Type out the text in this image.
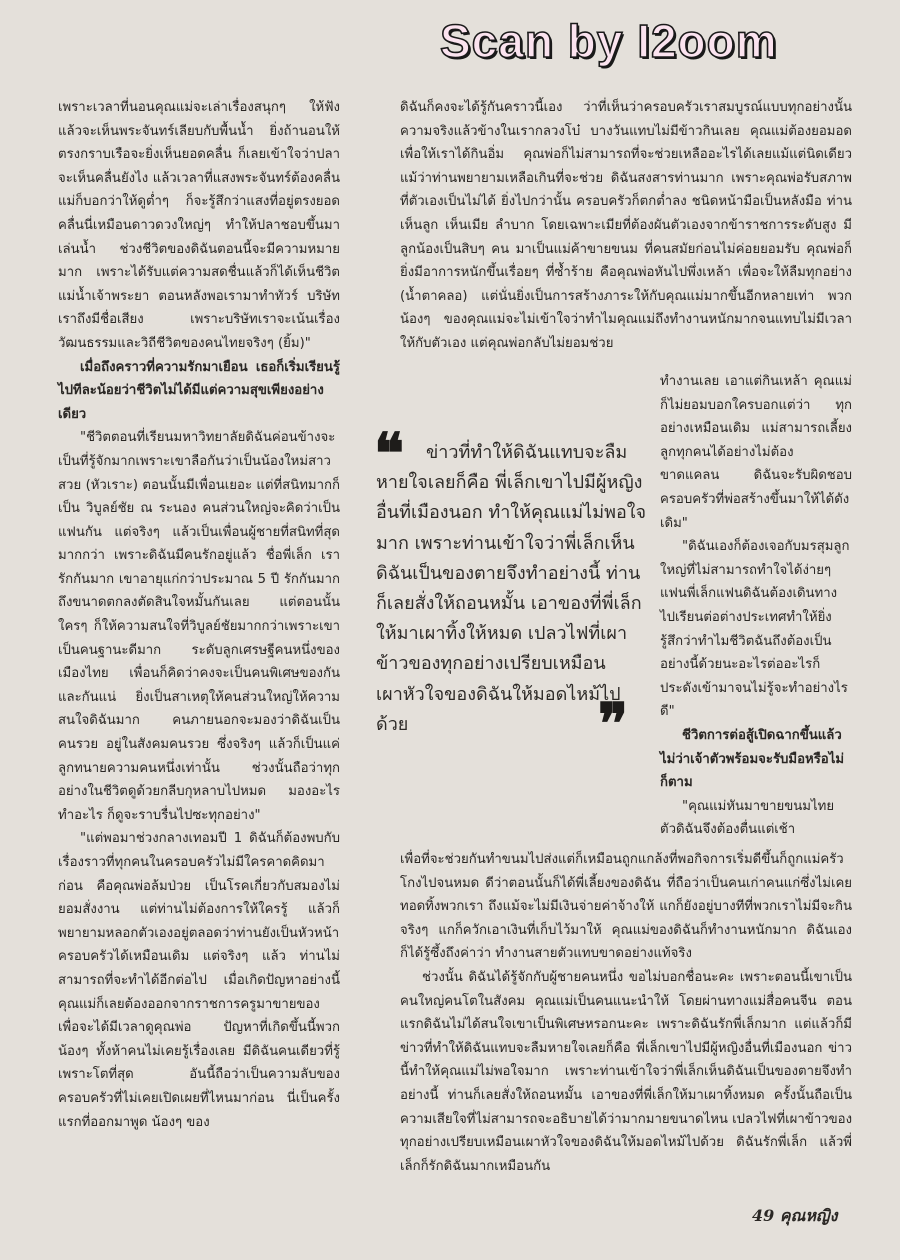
Scan by I2oom

เพราะเวลาที่นอนคุณแม่จะเล่าเรื่องสนุกๆ ให้ฟัง แล้วจะเห็นพระจันทร์เลียบกับพื้นน้ำ ยิ่งถ้านอนให้ตรงกราบเรือจะยิ่งเห็นยอดคลื่น ก็เลยเข้าใจว่าปลาจะเห็นคลื่นยังไง แล้วเวลาที่แสงพระจันทร์ต้องคลื่น แม่ก็บอกว่าให้ดูต่ำๆ ก็จะรู้สึกว่าแสงที่อยู่ตรงยอดคลื่นนี่เหมือนดาวดวงใหญ่ๆ ทำให้ปลาชอบขึ้นมาเล่นน้ำ ช่วงชีวิตของดิฉันตอนนี้จะมีความหมายมาก เพราะได้รับแต่ความสดชื่นแล้วก็ได้เห็นชีวิตแม่น้ำเจ้าพระยา ตอนหลังพอเรามาทำทัวร์ บริษัทเราถึงมีชื่อเสียง เพราะบริษัทเราจะเน้นเรื่องวัฒนธรรมและวิถีชีวิตของคนไทยจริงๆ (ยิ้ม)"

เมื่อถึงคราวที่ความรักมาเยือน เธอก็เริ่มเรียนรู้ไปทีละน้อยว่าชีวิตไม่ได้มีแต่ความสุขเพียงอย่างเดียว

"ชีวิตตอนที่เรียนมหาวิทยาลัยดิฉันค่อนข้างจะเป็นที่รู้จักมากเพราะเขาลือกันว่าเป็นน้องใหม่สาวสวย (หัวเราะ) ตอนนั้นมีเพื่อนเยอะ แต่ที่สนิทมากก็เป็น วิบูลย์ชัย ณ ระนอง คนส่วนใหญ่จะคิดว่าเป็นแฟนกัน แต่จริงๆ แล้วเป็นเพื่อนผู้ชายที่สนิทที่สุดมากกว่า เพราะดิฉันมีคนรักอยู่แล้ว ชื่อพี่เล็ก เรารักกันมาก เขาอายุแก่กว่าประมาณ 5 ปี รักกันมากถึงขนาดตกลงตัดสินใจหมั้นกันเลย แต่ตอนนั้นใครๆ ก็ให้ความสนใจที่วิบูลย์ชัยมากกว่าเพราะเขาเป็นคนฐานะดีมาก ระดับลูกเศรษฐีคนหนึ่งของเมืองไทย เพื่อนก็คิดว่าคงจะเป็นคนพิเศษของกันและกันแน่ ยิ่งเป็นสาเหตุให้คนส่วนใหญ่ให้ความสนใจดิฉันมาก คนภายนอกจะมองว่าดิฉันเป็นคนรวย อยู่ในสังคมคนรวย ซึ่งจริงๆ แล้วก็เป็นแค่ลูกทนายความคนหนึ่งเท่านั้น ช่วงนั้นถือว่าทุกอย่างในชีวิตดูด้วยกลีบกุหลาบไปหมด มองอะไร ทำอะไร ก็ดูจะราบรื่นไปซะทุกอย่าง"

"แต่พอมาช่วงกลางเทอมปี 1 ดิฉันก็ต้องพบกับเรื่องราวที่ทุกคนในครอบครัวไม่มีใครคาดคิดมาก่อน คือคุณพ่อล้มป่วย เป็นโรคเกี่ยวกับสมองไม่ยอมสั่งงาน แต่ท่านไม่ต้องการให้ใครรู้ แล้วก็พยายามหลอกตัวเองอยู่ตลอดว่าท่านยังเป็นหัวหน้าครอบครัวได้เหมือนเดิม แต่จริงๆ แล้ว ท่านไม่สามารถที่จะทำได้อีกต่อไป เมื่อเกิดปัญหาอย่างนี้ คุณแม่ก็เลยต้องออกจากราชการครูมาขายของ เพื่อจะได้มีเวลาดูคุณพ่อ ปัญหาที่เกิดขึ้นนี้พวกน้องๆ ทั้งห้าคนไม่เคยรู้เรื่องเลย มีดิฉันคนเดียวที่รู้เพราะโตที่สุด อันนี้ถือว่าเป็นความลับของครอบครัวที่ไม่เคยเปิดเผยที่ไหนมาก่อน นี่เป็นครั้งแรกที่ออกมาพูด น้องๆ ของ

ดิฉันก็คงจะได้รู้กันคราวนี้เอง ว่าที่เห็นว่าครอบครัวเราสมบูรณ์แบบทุกอย่างนั้น ความจริงแล้วข้างในเรากลวงโบ๋ บางวันแทบไม่มีข้าวกินเลย คุณแม่ต้องยอมอดเพื่อให้เราได้กินอิ่ม คุณพ่อก็ไม่สามารถที่จะช่วยเหลืออะไรได้เลยแม้แต่นิดเดียว แม้ว่าท่านพยายามเหลือเกินที่จะช่วย ดิฉันสงสารท่านมาก เพราะคุณพ่อรับสภาพที่ตัวเองเป็นไม่ได้ ยิ่งไปกว่านั้น ครอบครัวก็ตกต่ำลง ชนิดหน้ามือเป็นหลังมือ ท่านเห็นลูก เห็นเมีย ลำบาก โดยเฉพาะเมียที่ต้องผันตัวเองจากข้าราชการระดับสูง มีลูกน้องเป็นสิบๆ คน มาเป็นแม่ค้าขายขนม ที่คนสมัยก่อนไม่ค่อยยอมรับ คุณพ่อก็ยิ่งมีอาการหนักขึ้นเรื่อยๆ ที่ซ้ำร้าย คือคุณพ่อหันไปพึ่งเหล้า เพื่อจะให้ลืมทุกอย่าง (น้ำตาคลอ) แต่นั่นยิ่งเป็นการสร้างภาระให้กับคุณแม่มากขึ้นอีกหลายเท่า พวกน้องๆ ของคุณแม่จะไม่เข้าใจว่าทำไมคุณแม่ถึงทำงานหนักมากจนแทบไม่มีเวลาให้กับตัวเอง แต่คุณพ่อกลับไม่ยอมช่วย

❝	ข่าวที่ทำให้ดิฉันแทบจะลืมหายใจเลยก็คือ พี่เล็กเขาไปมีผู้หญิงอื่นที่เมืองนอก ทำให้คุณแม่ไม่พอใจมาก เพราะท่านเข้าใจว่าพี่เล็กเห็นดิฉันเป็นของตายจึงทำอย่างนี้ ท่านก็เลยสั่งให้ถอนหมั้น เอาของที่พี่เล็กให้มาเผาทิ้งให้หมด เปลวไฟที่เผาข้าวของทุกอย่างเปรียบเหมือนเผาหัวใจของดิฉันให้มอดไหม้ไปด้วย	❞

ทำงานเลย เอาแต่กินเหล้า คุณแม่ก็ไม่ยอมบอกใครบอกแต่ว่า ทุกอย่างเหมือนเดิม แม่สามารถเลี้ยงลูกทุกคนได้อย่างไม่ต้องขาดแคลน ดิฉันจะรับผิดชอบครอบครัวที่พ่อสร้างขึ้นมาให้ได้ดังเดิม"

"ดิฉันเองก็ต้องเจอกับมรสุมลูกใหญ่ที่ไม่สามารถทำใจได้ง่ายๆ แฟนพี่เล็กแฟนดิฉันต้องเดินทางไปเรียนต่อต่างประเทศทำให้ยิ่งรู้สึกว่าทำไมชีวิตฉันถึงต้องเป็นอย่างนี้ด้วยนะอะไรต่ออะไรก็ประดังเข้ามาจนไม่รู้จะทำอย่างไรดี"

ชีวิตการต่อสู้เปิดฉากขึ้นแล้ว ไม่ว่าเจ้าตัวพร้อมจะรับมือหรือไม่ก็ตาม

"คุณแม่หันมาขายขนมไทย ตัวดิฉันจึงต้องตื่นแต่เช้า

เพื่อที่จะช่วยกันทำขนมไปส่งแต่ก็เหมือนถูกแกล้งที่พอกิจการเริ่มดีขึ้นก็ถูกแม่ครัวโกงไปจนหมด ดีว่าตอนนั้นก็ได้พี่เลี้ยงของดิฉัน ที่ถือว่าเป็นคนเก่าคนแก่ซึ่งไม่เคยทอดทิ้งพวกเรา ถึงแม้จะไม่มีเงินจ่ายค่าจ้างให้ แกก็ยังอยู่บางทีที่พวกเราไม่มีจะกินจริงๆ แกก็ควักเอาเงินที่เก็บไว้มาให้ คุณแม่ของดิฉันก็ทำงานหนักมาก ดิฉันเองก็ได้รู้ซึ้งถึงค่าว่า ทำงานสายตัวแทบขาดอย่างแท้จริง

ช่วงนั้น ดิฉันได้รู้จักกับผู้ชายคนหนึ่ง ขอไม่บอกชื่อนะคะ เพราะตอนนี้เขาเป็นคนใหญ่คนโตในสังคม คุณแม่เป็นคนแนะนำให้ โดยผ่านทางแม่สื่อคนจีน ตอนแรกดิฉันไม่ได้สนใจเขาเป็นพิเศษหรอกนะคะ เพราะดิฉันรักพี่เล็กมาก แต่แล้วก็มีข่าวที่ทำให้ดิฉันแทบจะลืมหายใจเลยก็คือ พี่เล็กเขาไปมีผู้หญิงอื่นที่เมืองนอก ข่าวนี้ทำให้คุณแม่ไม่พอใจมาก เพราะท่านเข้าใจว่าพี่เล็กเห็นดิฉันเป็นของตายจึงทำอย่างนี้ ท่านก็เลยสั่งให้ถอนหมั้น เอาของที่พี่เล็กให้มาเผาทิ้งหมด ครั้งนั้นถือเป็นความเสียใจที่ไม่สามารถจะอธิบายได้ว่ามากมายขนาดไหน เปลวไฟที่เผาข้าวของทุกอย่างเปรียบเหมือนเผาหัวใจของดิฉันให้มอดไหม้ไปด้วย ดิฉันรักพี่เล็ก แล้วพี่เล็กก็รักดิฉันมากเหมือนกัน

49 คุณหญิง
